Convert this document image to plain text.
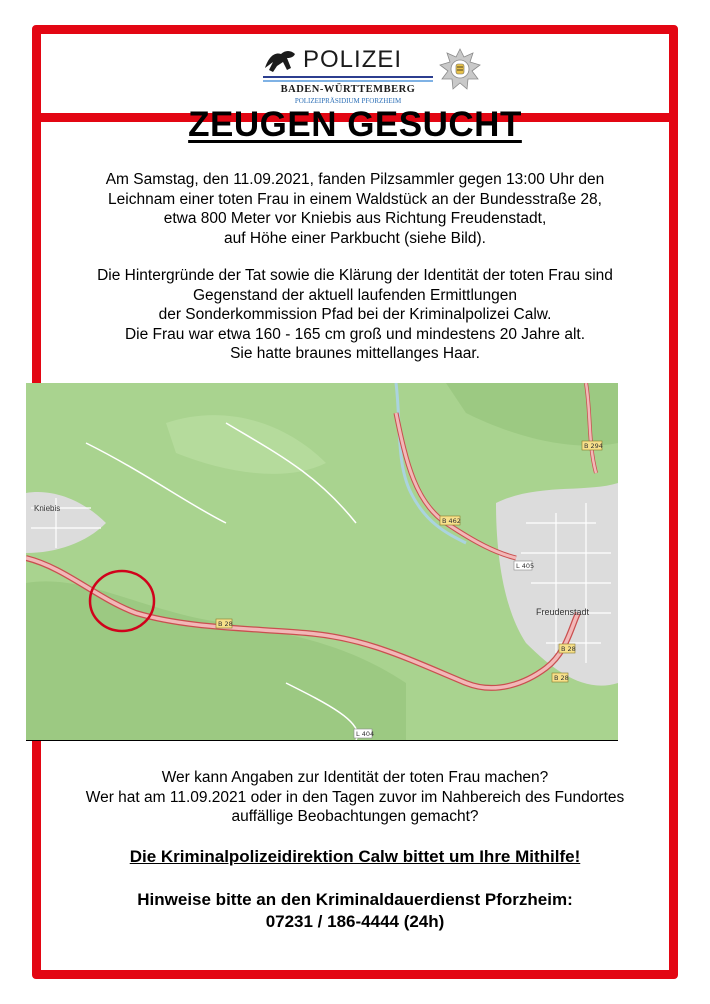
POLIZEI
BADEN-WÜRTTEMBERG
POLIZEIPRÄSIDIUM PFORZHEIM
ZEUGEN GESUCHT
Am Samstag, den 11.09.2021, fanden Pilzsammler gegen 13:00 Uhr den
Leichnam einer toten Frau in einem Waldstück an der Bundesstraße 28,
etwa 800 Meter vor Kniebis aus Richtung Freudenstadt,
auf Höhe einer Parkbucht (siehe Bild).
Die Hintergründe der Tat sowie die Klärung der Identität der toten Frau sind
Gegenstand der aktuell laufenden Ermittlungen
der Sonderkommission Pfad bei der Kriminalpolizei Calw.
Die Frau war etwa 160 - 165 cm groß und mindestens 20 Jahre alt.
Sie hatte braunes mittellanges Haar.
Freudenstadt
Kniebis
B 28
B 28
B 28
B 294
B 462
L 405
L 404
Wer kann Angaben zur Identität der toten Frau machen?
Wer hat am 11.09.2021 oder in den Tagen zuvor im Nahbereich des Fundortes
auffällige Beobachtungen gemacht?
Die Kriminalpolizeidirektion Calw bittet um Ihre Mithilfe!
Hinweise bitte an den Kriminaldauerdienst Pforzheim:
07231 / 186-4444 (24h)
